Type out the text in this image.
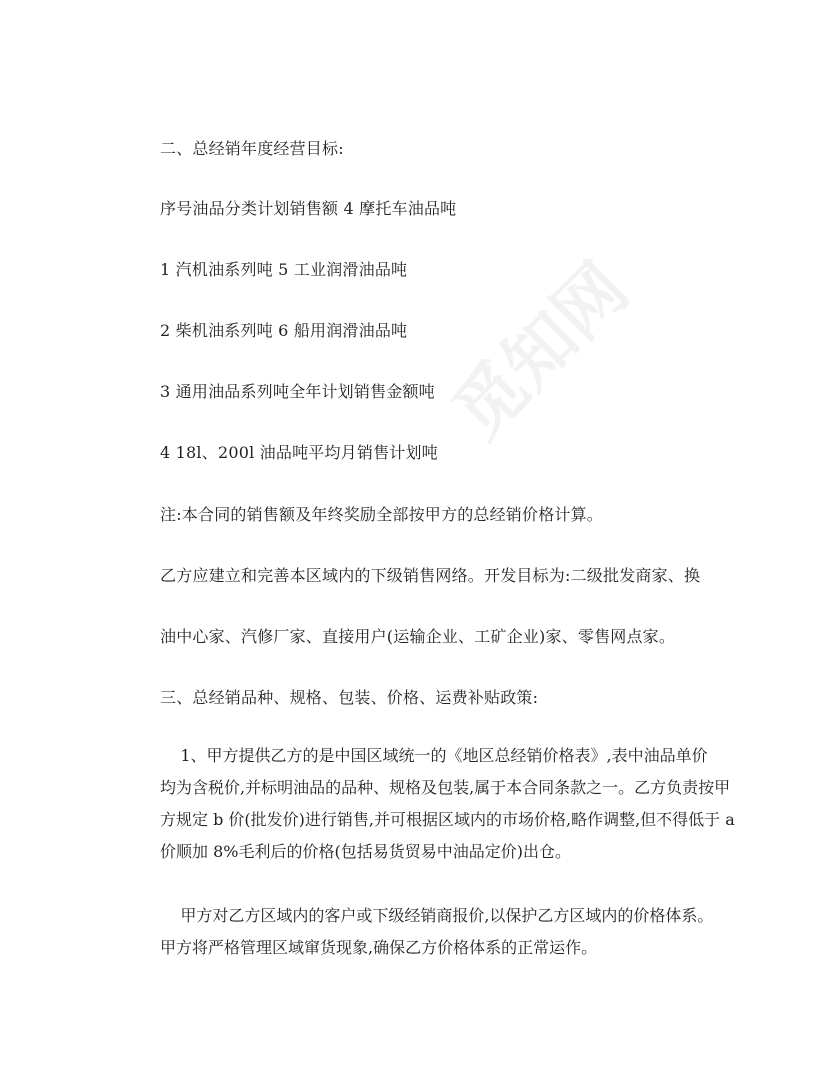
觅知网
二、总经销年度经营目标:
序号油品分类计划销售额 4 摩托车油品吨
1 汽机油系列吨 5 工业润滑油品吨
2 柴机油系列吨 6 船用润滑油品吨
3 通用油品系列吨全年计划销售金额吨
4 18l、200l 油品吨平均月销售计划吨
注:本合同的销售额及年终奖励全部按甲方的总经销价格计算。
乙方应建立和完善本区域内的下级销售网络。开发目标为:二级批发商家、换
油中心家、汽修厂家、直接用户(运输企业、工矿企业)家、零售网点家。
三、总经销品种、规格、包装、价格、运费补贴政策:
1、甲方提供乙方的是中国区域统一的《地区总经销价格表》,表中油品单价
均为含税价,并标明油品的品种、规格及包装,属于本合同条款之一。乙方负责按甲
方规定 b 价(批发价)进行销售,并可根据区域内的市场价格,略作调整,但不得低于 a
价顺加 8%毛利后的价格(包括易货贸易中油品定价)出仓。
甲方对乙方区域内的客户或下级经销商报价,以保护乙方区域内的价格体系。
甲方将严格管理区域窜货现象,确保乙方价格体系的正常运作。
